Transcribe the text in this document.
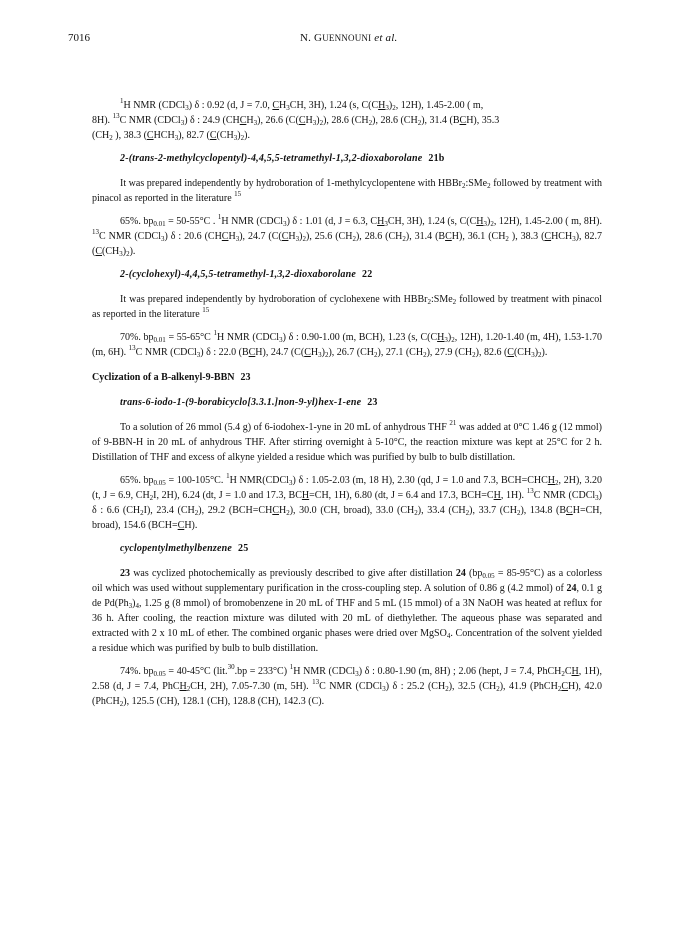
7016	N. GUENNOUNI et al.

$^1$H NMR (CDCl$_3$) δ : 0.92 (d, J = 7.0, $CH_3CH$, 3H), 1.24 (s, $C(CH_3)_2$, 12H), 1.45-2.00 ( m,
8H). $^{13}$C NMR (CDCl$_3$) δ : 24.9 $(CHCH_3)$, 26.6 $(C(CH_3)_2)$, 28.6 $(CH_2)$, 28.6 $(CH_2)$, 31.4 (BCH), 35.3
($CH_2$ ), 38.3 $(CHCH_3)$, 82.7 $(C(CH_3)_2)$.

2-(trans-2-methylcyclopentyl)-4,4,5,5-tetramethyl-1,3,2-dioxaborolane 21b

It was prepared independently by hydroboration of 1-methylcyclopentene with HBBr$_2$:SMe$_2$ followed by treatment with pinacol as reported in the literature $^{15}$

65%. $bp_{0.01} = 50-55^\circ C$ . $^1$H NMR (CDCl$_3$) δ : 1.01 (d, J = 6.3, $CH_3CH$, 3H), 1.24 (s, $C(CH_3)_2$, 12H), 1.45-2.00 ( m, 8H). $^{13}$C NMR (CDCl$_3$) δ : 20.6 $(CHCH_3)$, 24.7 $(C(CH_3)_2)$, 25.6 $(CH_2)$, 28.6 $(CH_2)$, 31.4 (BCH), 36.1 ($CH_2$ ), 38.3 $(CHCH_3)$, 82.7 $(C(CH_3)_2)$.

2-(cyclohexyl)-4,4,5,5-tetramethyl-1,3,2-dioxaborolane 22

It was prepared independently by hydroboration of cyclohexene with HBBr$_2$:SMe$_2$ followed by treatment with pinacol as reported in the literature $^{15}$

70%. $bp_{0.01} = 55-65^\circ C$ $^1$H NMR (CDCl$_3$) δ : 0.90-1.00 (m, BCH), 1.23 (s, $C(CH_3)_2$, 12H), 1.20-1.40 (m, 4H), 1.53-1.70 (m, 6H). $^{13}$C NMR (CDCl$_3$) δ : 22.0 (BCH), 24.7 $(C(CH_3)_2)$, 26.7 $(CH_2)$, 27.1 $(CH_2)$, 27.9 $(CH_2)$, 82.6 $(C(CH_3)_2)$.

Cyclization of a B-alkenyl-9-BBN 23
trans-6-iodo-1-(9-borabicyclo[3.3.1.]non-9-yl)hex-1-ene 23

To a solution of 26 mmol (5.4 g) of 6-iodohex-1-yne in 20 mL of anhydrous THF $^{21}$ was added at 0°C 1.46 g (12 mmol) of 9-BBN-H in 20 mL of anhydrous THF. After stirring overnight à 5-10°C, the reaction mixture was kept at 25°C for 2 h. Distillation of THF and excess of alkyne yielded a residue which was purified by bulb to bulb distillation.

65%. $bp_{0.05} = 100-105^\circ C$. $^1$H NMR(CDCl$_3$) δ : 1.05-2.03 (m, 18 H), 2.30 (qd, J = 1.0 and 7.3, $BCH=CHCH_2$, 2H), 3.20 (t, J = 6.9, $CH_2I$, 2H), 6.24 (dt, J = 1.0 and 17.3, BCH=CH, 1H), 6.80 (dt, J = 6.4 and 17.3, BCH=CH, 1H). $^{13}$C NMR (CDCl$_3$) δ : 6.6 $(CH_2I)$, 23.4 $(CH_2)$, 29.2 $(BCH=CHCH_2)$, 30.0 (CH, broad), 33.0 $(CH_2)$, 33.4 $(CH_2)$, 33.7 $(CH_2)$, 134.8 (BCH=CH, broad), 154.6 (BCH=CH).

cyclopentylmethylbenzene 25

23 was cyclized photochemically as previously described to give after distillation 24 $(bp_{0.05} = 85-95^\circ C)$ as a colorless oil which was used without supplementary purification in the cross-coupling step. A solution of 0.86 g (4.2 mmol) of 24, 0.1 g de $Pd(Ph_3)_4$, 1.25 g (8 mmol) of bromobenzene in 20 mL of THF and 5 mL (15 mmol) of a 3N NaOH was heated at reflux for 36 h. After cooling, the reaction mixture was diluted with 20 mL of diethylether. The aqueous phase was separated and extracted with 2 x 10 mL of ether. The combined organic phases were dried over MgSO$_4$. Concentration of the solvent yielded a residue which was purified by bulb to bulb distillation.

74%. $bp_{0.05} = 40-45^\circ C$ (lit.$^{30}$.bp = 233°C) $^1$H NMR (CDCl$_3$) δ : 0.80-1.90 (m, 8H) ; 2.06 (hept, J = 7.4, PhCH$_2$CH, 1H), 2.58 (d, J = 7.4, PhCH$_2$CH, 2H), 7.05-7.30 (m, 5H). $^{13}$C NMR (CDCl$_3$) δ : 25.2 $(CH_2)$, 32.5 $(CH_2)$, 41.9 (PhCH$_2$CH), 42.0 (PhCH$_2$), 125.5 (CH), 128.1 (CH), 128.8 (CH), 142.3 (C).
